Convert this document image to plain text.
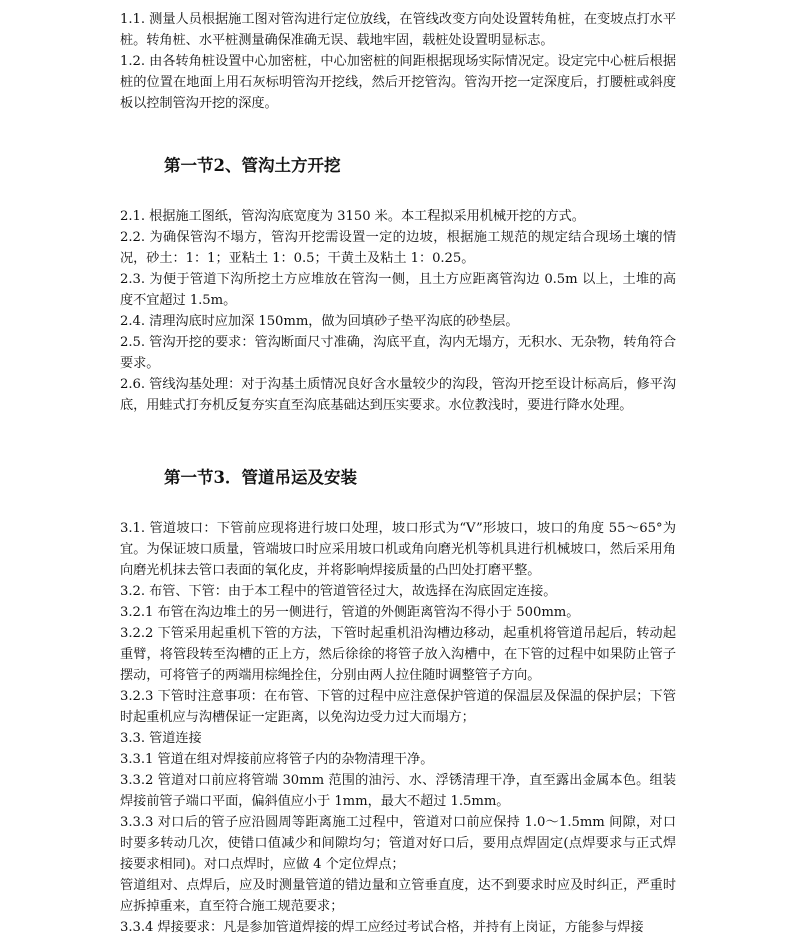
1.1. 测量人员根据施工图对管沟进行定位放线，在管线改变方向处设置转角桩，在变坡点打水平桩。转角桩、水平桩测量确保准确无误、载地牢固，载桩处设置明显标志。

1.2. 由各转角桩设置中心加密桩，中心加密桩的间距根据现场实际情况定。设定完中心桩后根据桩的位置在地面上用石灰标明管沟开挖线，然后开挖管沟。管沟开挖一定深度后，打腰桩或斜度板以控制管沟开挖的深度。

第一节2、管沟土方开挖

2.1. 根据施工图纸，管沟沟底宽度为 3150 米。本工程拟采用机械开挖的方式。

2.2. 为确保管沟不塌方，管沟开挖需设置一定的边坡，根据施工规范的规定结合现场土壤的情况，砂土：1：1；亚粘土 1：0.5；干黄土及粘土 1：0.25。

2.3. 为便于管道下沟所挖土方应堆放在管沟一侧，且土方应距离管沟边 0.5m 以上，土堆的高度不宜超过 1.5m。

2.4. 清理沟底时应加深 150mm，做为回填砂子垫平沟底的砂垫层。

2.5. 管沟开挖的要求：管沟断面尺寸准确，沟底平直，沟内无塌方，无积水、无杂物，转角符合要求。

2.6. 管线沟基处理：对于沟基土质情况良好含水量较少的沟段，管沟开挖至设计标高后，修平沟底，用蛙式打夯机反复夯实直至沟底基础达到压实要求。水位教浅时，要进行降水处理。

第一节3．管道吊运及安装

3.1. 管道坡口：下管前应现将进行坡口处理，坡口形式为“V”形坡口，坡口的角度 55～65°为宜。为保证坡口质量，管端坡口时应采用坡口机或角向磨光机等机具进行机械坡口，然后采用角向磨光机抹去管口表面的氧化皮，并将影响焊接质量的凸凹处打磨平整。

3.2. 布管、下管：由于本工程中的管道管径过大，故选择在沟底固定连接。

3.2.1 布管在沟边堆土的另一侧进行，管道的外侧距离管沟不得小于 500mm。

3.2.2 下管采用起重机下管的方法，下管时起重机沿沟槽边移动，起重机将管道吊起后，转动起重臂，将管段转至沟槽的正上方，然后徐徐的将管子放入沟槽中，在下管的过程中如果防止管子摆动，可将管子的两端用棕绳拴住，分别由两人拉住随时调整管子方向。

3.2.3 下管时注意事项：在布管、下管的过程中应注意保护管道的保温层及保温的保护层；下管时起重机应与沟槽保证一定距离，以免沟边受力过大而塌方；

3.3. 管道连接

3.3.1 管道在组对焊接前应将管子内的杂物清理干净。

3.3.2 管道对口前应将管端 30mm 范围的油污、水、浮锈清理干净，直至露出金属本色。组装焊接前管子端口平面，偏斜值应小于 1mm，最大不超过 1.5mm。

3.3.3 对口后的管子应沿圆周等距离施工过程中，管道对口前应保持 1.0～1.5mm 间隙，对口时要多转动几次，使错口值减少和间隙均匀；管道对好口后，要用点焊固定(点焊要求与正式焊接要求相同)。对口点焊时，应做 4 个定位焊点；

管道组对、点焊后，应及时测量管道的错边量和立管垂直度，达不到要求时应及时纠正，严重时应拆掉重来，直至符合施工规范要求；

3.3.4 焊接要求：凡是参加管道焊接的焊工应经过考试合格，并持有上岗证，方能参与焊接
